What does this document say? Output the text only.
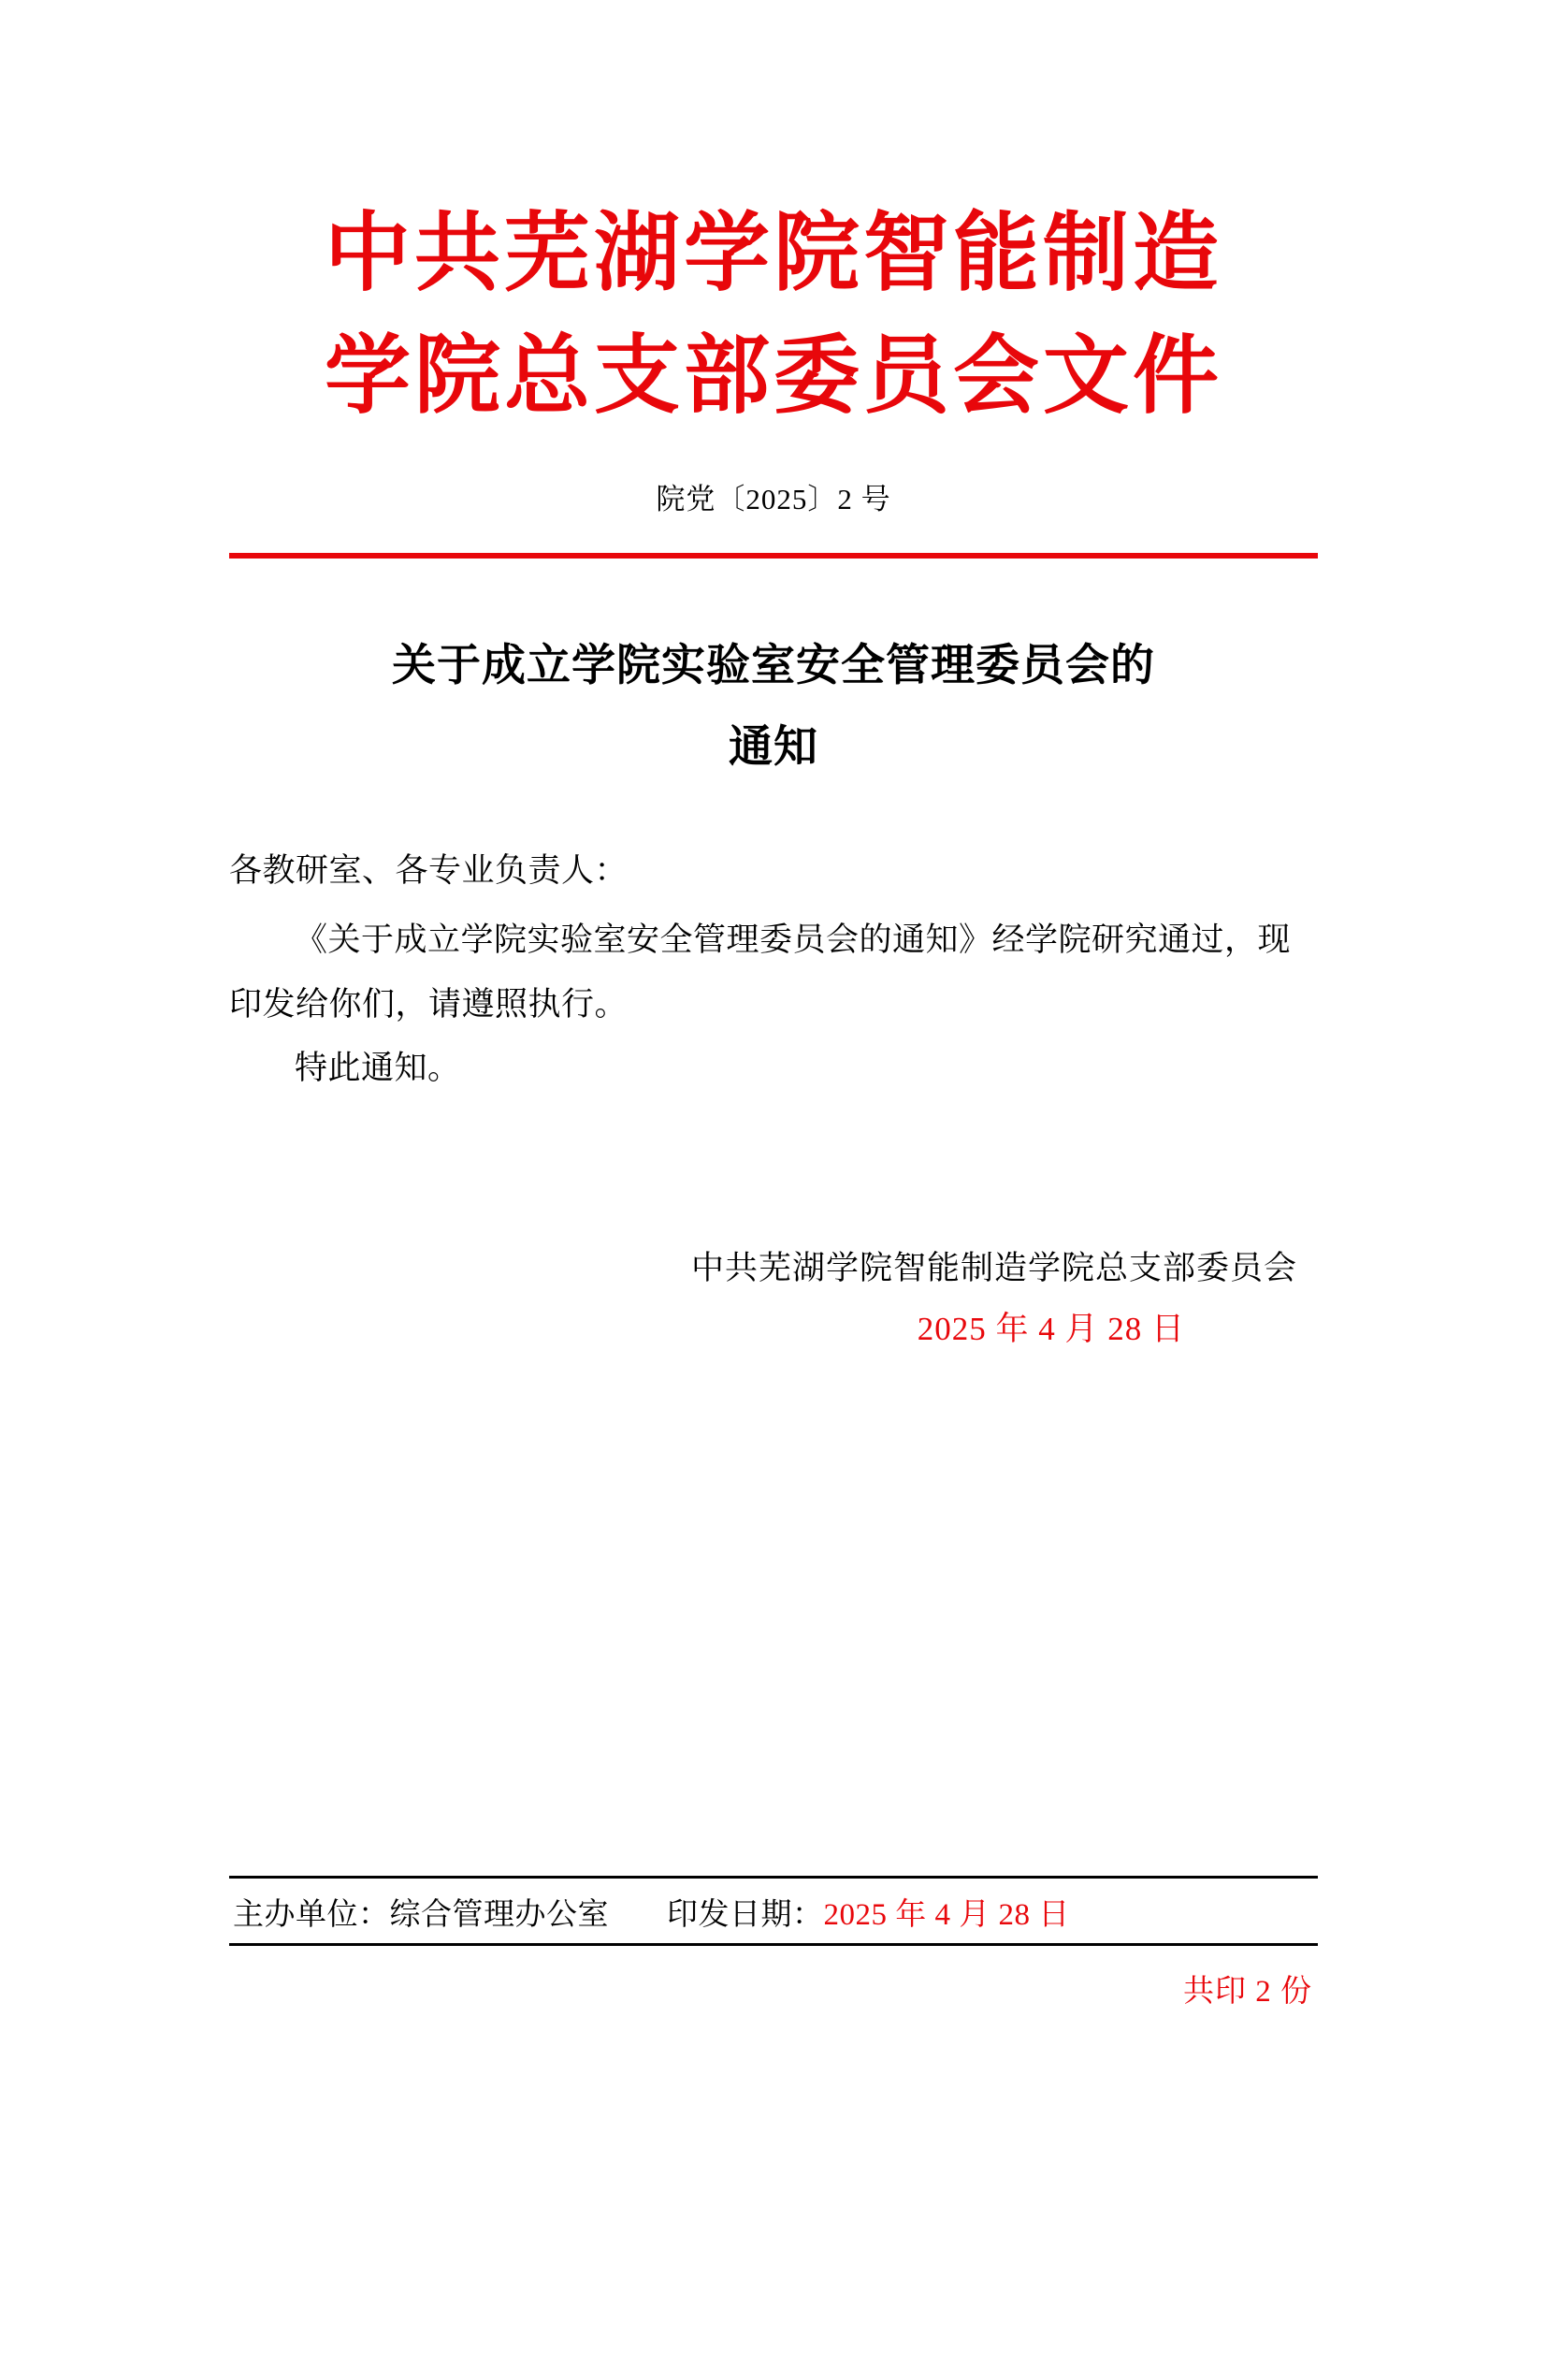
中共芜湖学院智能制造
学院总支部委员会文件
院党〔2025〕2 号
关于成立学院实验室安全管理委员会的
通知

各教研室、各专业负责人：

《关于成立学院实验室安全管理委员会的通知》经学院研究通过，现印发给你们，请遵照执行。

特此通知。

中共芜湖学院智能制造学院总支部委员会
2025 年 4 月 28 日
主办单位：综合管理办公室 印发日期：2025 年 4 月 28 日
共印 2 份
